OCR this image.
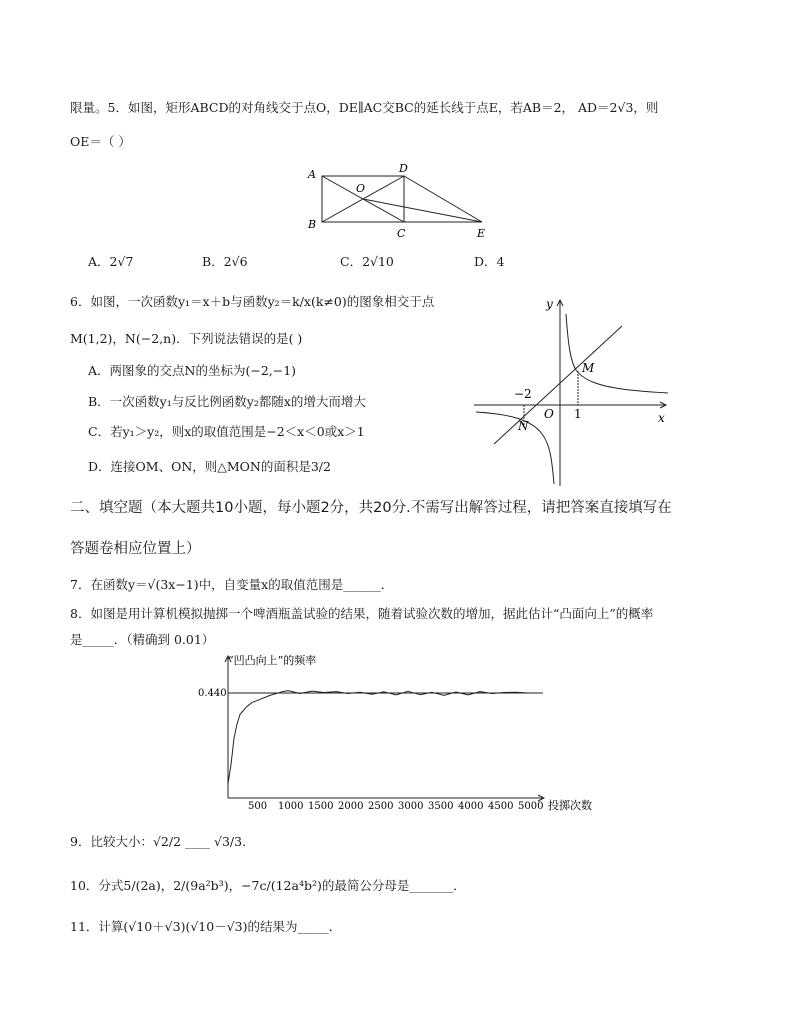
限量。5．如图，矩形ABCD的对角线交于点O，DE∥AC交BC的延长线于点E，若AB＝2， AD＝2√3，则
OE＝（ ）
A	D
O
B
C	E
A．2√7	B．2√6	C．2√10	D．4
6．如图，一次函数y₁＝x＋b与函数y₂＝k/x(k≠0)的图象相交于点
M(1,2)，N(−2,n)．下列说法错误的是( )
A．两图象的交点N的坐标为(−2,−1)
B．一次函数y₁与反比例函数y₂都随x的增大而增大
C．若y₁＞y₂，则x的取值范围是−2＜x＜0或x＞1
D．连接OM、ON，则△MON的面积是3/2
y
x
O
M
N
−2
1
二、填空题（本大题共10小题，每小题2分，共20分.不需写出解答过程，请把答案直接填写在
答题卷相应位置上）
7．在函数y＝√(3x−1)中，自变量x的取值范围是______．
8．如图是用计算机模拟抛掷一个啤酒瓶盖试验的结果，随着试验次数的增加，据此估计“凸面向上”的概率
是_____．（精确到 0.01）
“凹凸向上”的频率
0.440
投掷次数
500 1000 1500 2000 2500 3000 3500 4000 4500 5000
9．比较大小：√2/2 ____ √3/3．
10．分式5/(2a)，2/(9a²b³)，−7c/(12a⁴b²)的最简公分母是_______．
11．计算(√10＋√3)(√10－√3)的结果为_____．
